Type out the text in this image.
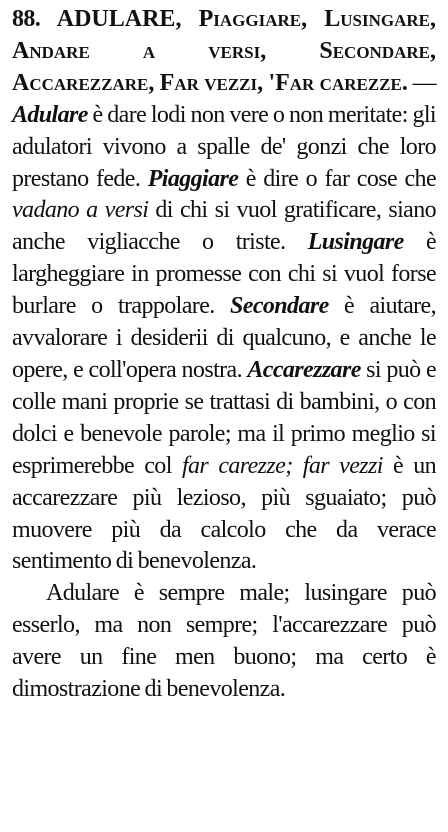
88. ADULARE, Piaggiare, Lusingare, Andare a versi, Secondare, Accarezzare, Far vezzi, 'Far carezze. — Adulare è dare lodi non vere o non meritate: gli adulatori vivono a spalle de' gonzi che loro prestano fede. Piaggiare è dire o far cose che vadano a versi di chi si vuol gratificare, siano anche vigliacche o triste. Lusingare è largheggiare in promesse con chi si vuol forse burlare o trappolare. Secondare è aiutare, avvalorare i desiderii di qualcuno, e anche le opere, e coll'opera nostra. Accarezzare si può e colle mani proprie se trattasi di bambini, o con dolci e benevole parole; ma il primo meglio si esprimerebbe col far carezze; far vezzi è un accarezzare più lezioso, più sguaiato; può muovere più da calcolo che da verace sentimento di benevolenza.

Adulare è sempre male; lusingare può esserlo, ma non sempre; l'accarezzare può avere un fine men buono; ma certo è dimostrazione di benevolenza.
